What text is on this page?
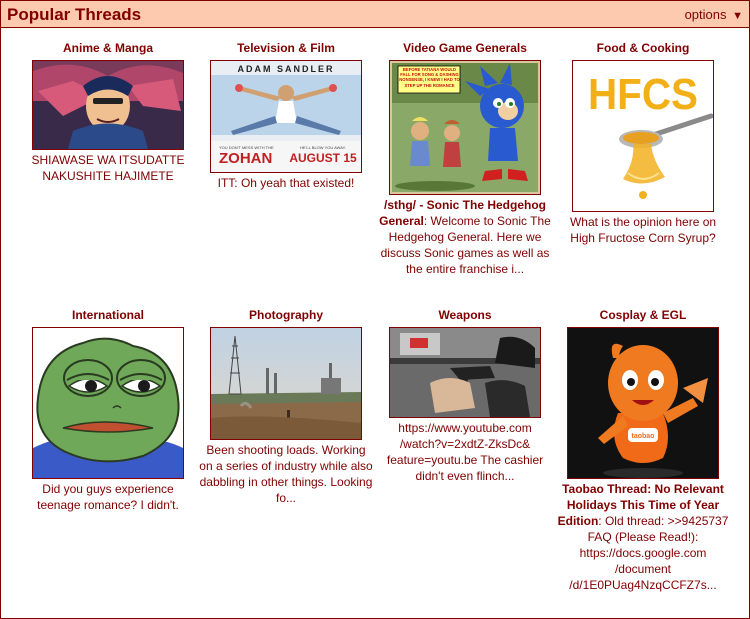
Popular Threads	options ▼
Anime & Manga
SHIAWASE WA ITSUDATTE NAKUSHITE HAJIMETE
Television & Film
ADAM SANDLER
YOU DON'T MESS WITH THE
ZOHAN
HE'LL BLOW YOU AWAY.
AUGUST 15
ITT: Oh yeah that existed!
Video Game Generals
BEFORE TATIANA WOULD FALL FOR SONG & DASHING NONSENSE, I KNEW I HAD TO STEP UP THE ROMANCE
/sthg/ - Sonic The Hedgehog General: Welcome to Sonic The Hedgehog General. Here we discuss Sonic games as well as the entire franchise i...
Food & Cooking
HFCS
What is the opinion here on High Fructose Corn Syrup?
International
Did you guys experience teenage romance? I didn't.
Photography
Been shooting loads. Working on a series of industry while also dabbling in other things. Looking fo...
Weapons
https://www.youtube.com /watch?v=2xdtZ-ZksDc& feature=youtu.be The cashier didn't even flinch...
Cosplay & EGL
taobao
Taobao Thread: No Relevant Holidays This Time of Year Edition: Old thread: >>9425737 FAQ (Please Read!): https://docs.google.com /document /d/1E0PUag4NzqCCFZ7s...
